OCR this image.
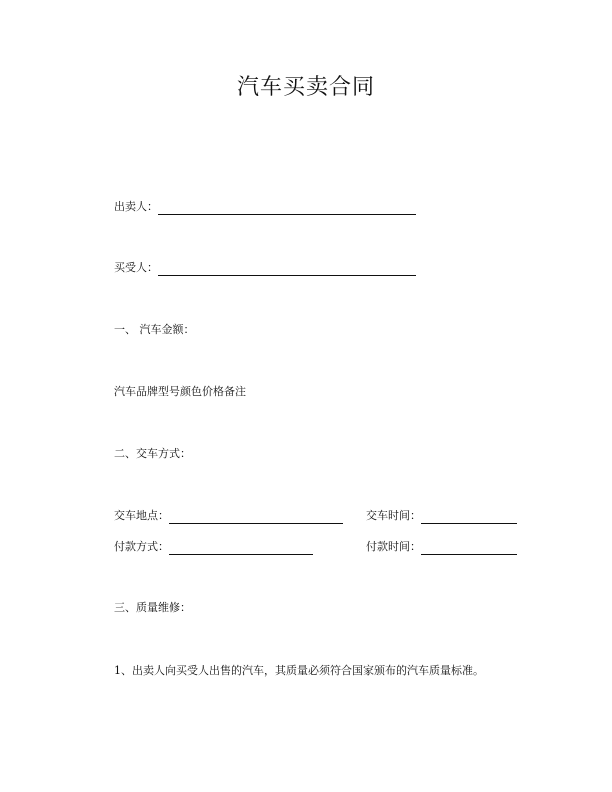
汽车买卖合同
出卖人：
买受人：
一、 汽车金额：
汽车品牌型号颜色价格备注
二、交车方式：
交车地点：	交车时间：
付款方式：	付款时间：
三、质量维修：
1、出卖人向买受人出售的汽车，其质量必须符合国家颁布的汽车质量标准。
